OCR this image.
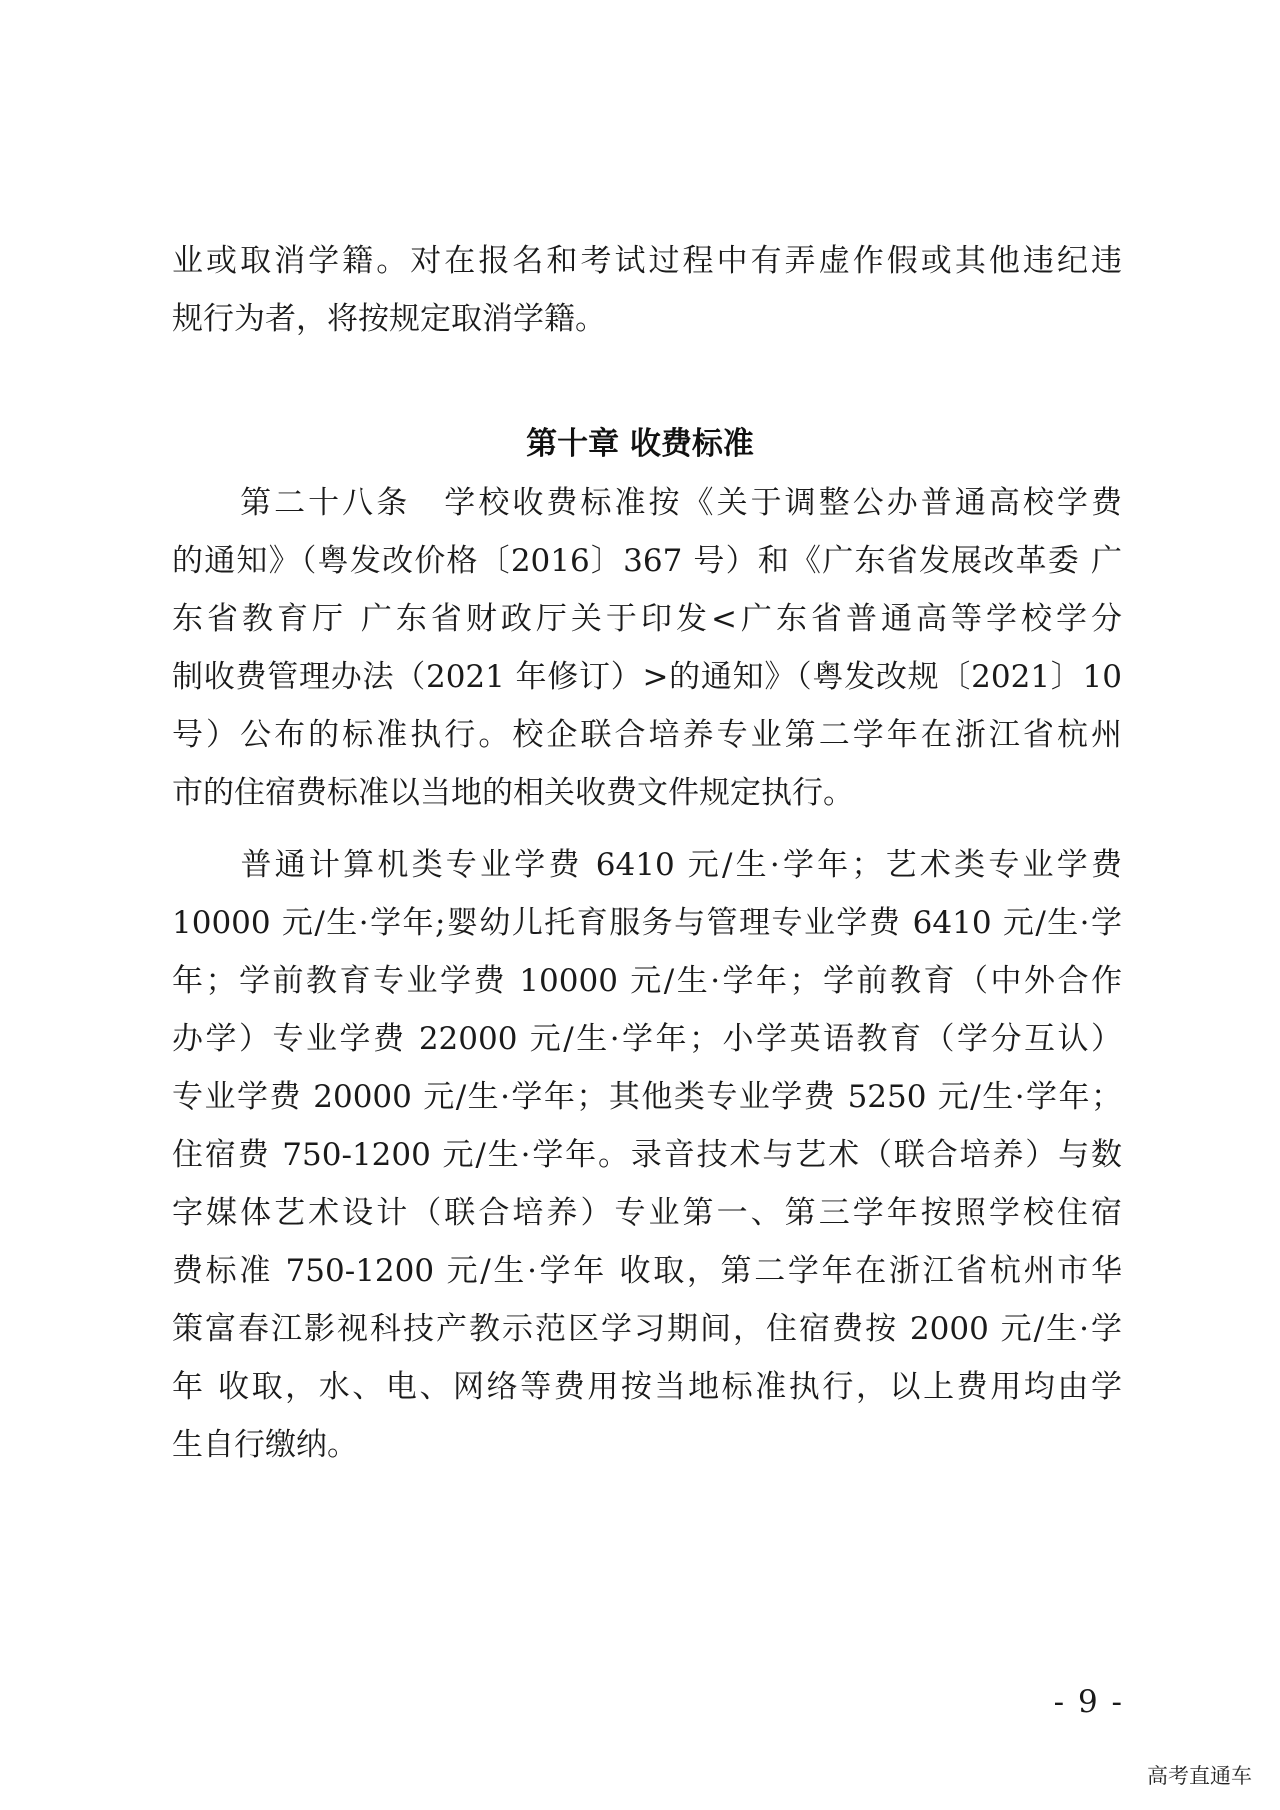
业或取消学籍。对在报名和考试过程中有弄虚作假或其他违纪违
规行为者，将按规定取消学籍。
第十章 收费标准
　　第二十八条　学校收费标准按《关于调整公办普通高校学费
的通知》（粤发改价格〔2016〕367 号）和《广东省发展改革委 广
东省教育厅 广东省财政厅关于印发<广东省普通高等学校学分
制收费管理办法（2021 年修订）>的通知》（粤发改规〔2021〕10
号）公布的标准执行。校企联合培养专业第二学年在浙江省杭州
市的住宿费标准以当地的相关收费文件规定执行。
　　普通计算机类专业学费 6410 元/生·学年；艺术类专业学费
10000 元/生·学年;婴幼儿托育服务与管理专业学费 6410 元/生·学
年；学前教育专业学费 10000 元/生·学年；学前教育（中外合作
办学）专业学费 22000 元/生·学年；小学英语教育（学分互认）
专业学费 20000 元/生·学年；其他类专业学费 5250 元/生·学年；
住宿费 750-1200 元/生·学年。录音技术与艺术（联合培养）与数
字媒体艺术设计（联合培养）专业第一、第三学年按照学校住宿
费标准 750-1200 元/生·学年 收取，第二学年在浙江省杭州市华
策富春江影视科技产教示范区学习期间，住宿费按 2000 元/生·学
年 收取，水、电、网络等费用按当地标准执行，以上费用均由学
生自行缴纳。
- 9 -
高考直通车
